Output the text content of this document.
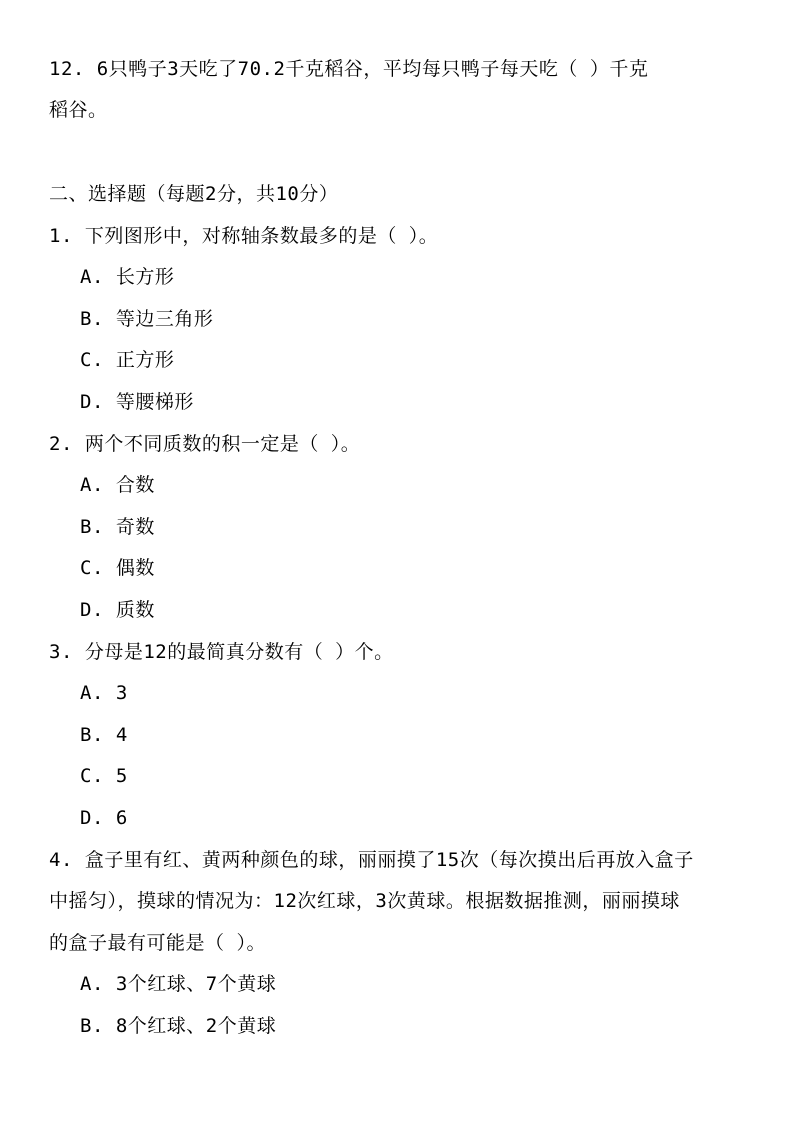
12. 6只鸭子3天吃了70.2千克稻谷，平均每只鸭子每天吃（ ）千克
稻谷。
二、选择题（每题2分，共10分）
1. 下列图形中，对称轴条数最多的是（ ）。
A. 长方形
B. 等边三角形
C. 正方形
D. 等腰梯形
2. 两个不同质数的积一定是（ ）。
A. 合数
B. 奇数
C. 偶数
D. 质数
3. 分母是12的最简真分数有（ ）个。
A. 3
B. 4
C. 5
D. 6
4. 盒子里有红、黄两种颜色的球，丽丽摸了15次（每次摸出后再放入盒子
中摇匀），摸球的情况为：12次红球，3次黄球。根据数据推测，丽丽摸球
的盒子最有可能是（ ）。
A. 3个红球、7个黄球
B. 8个红球、2个黄球
